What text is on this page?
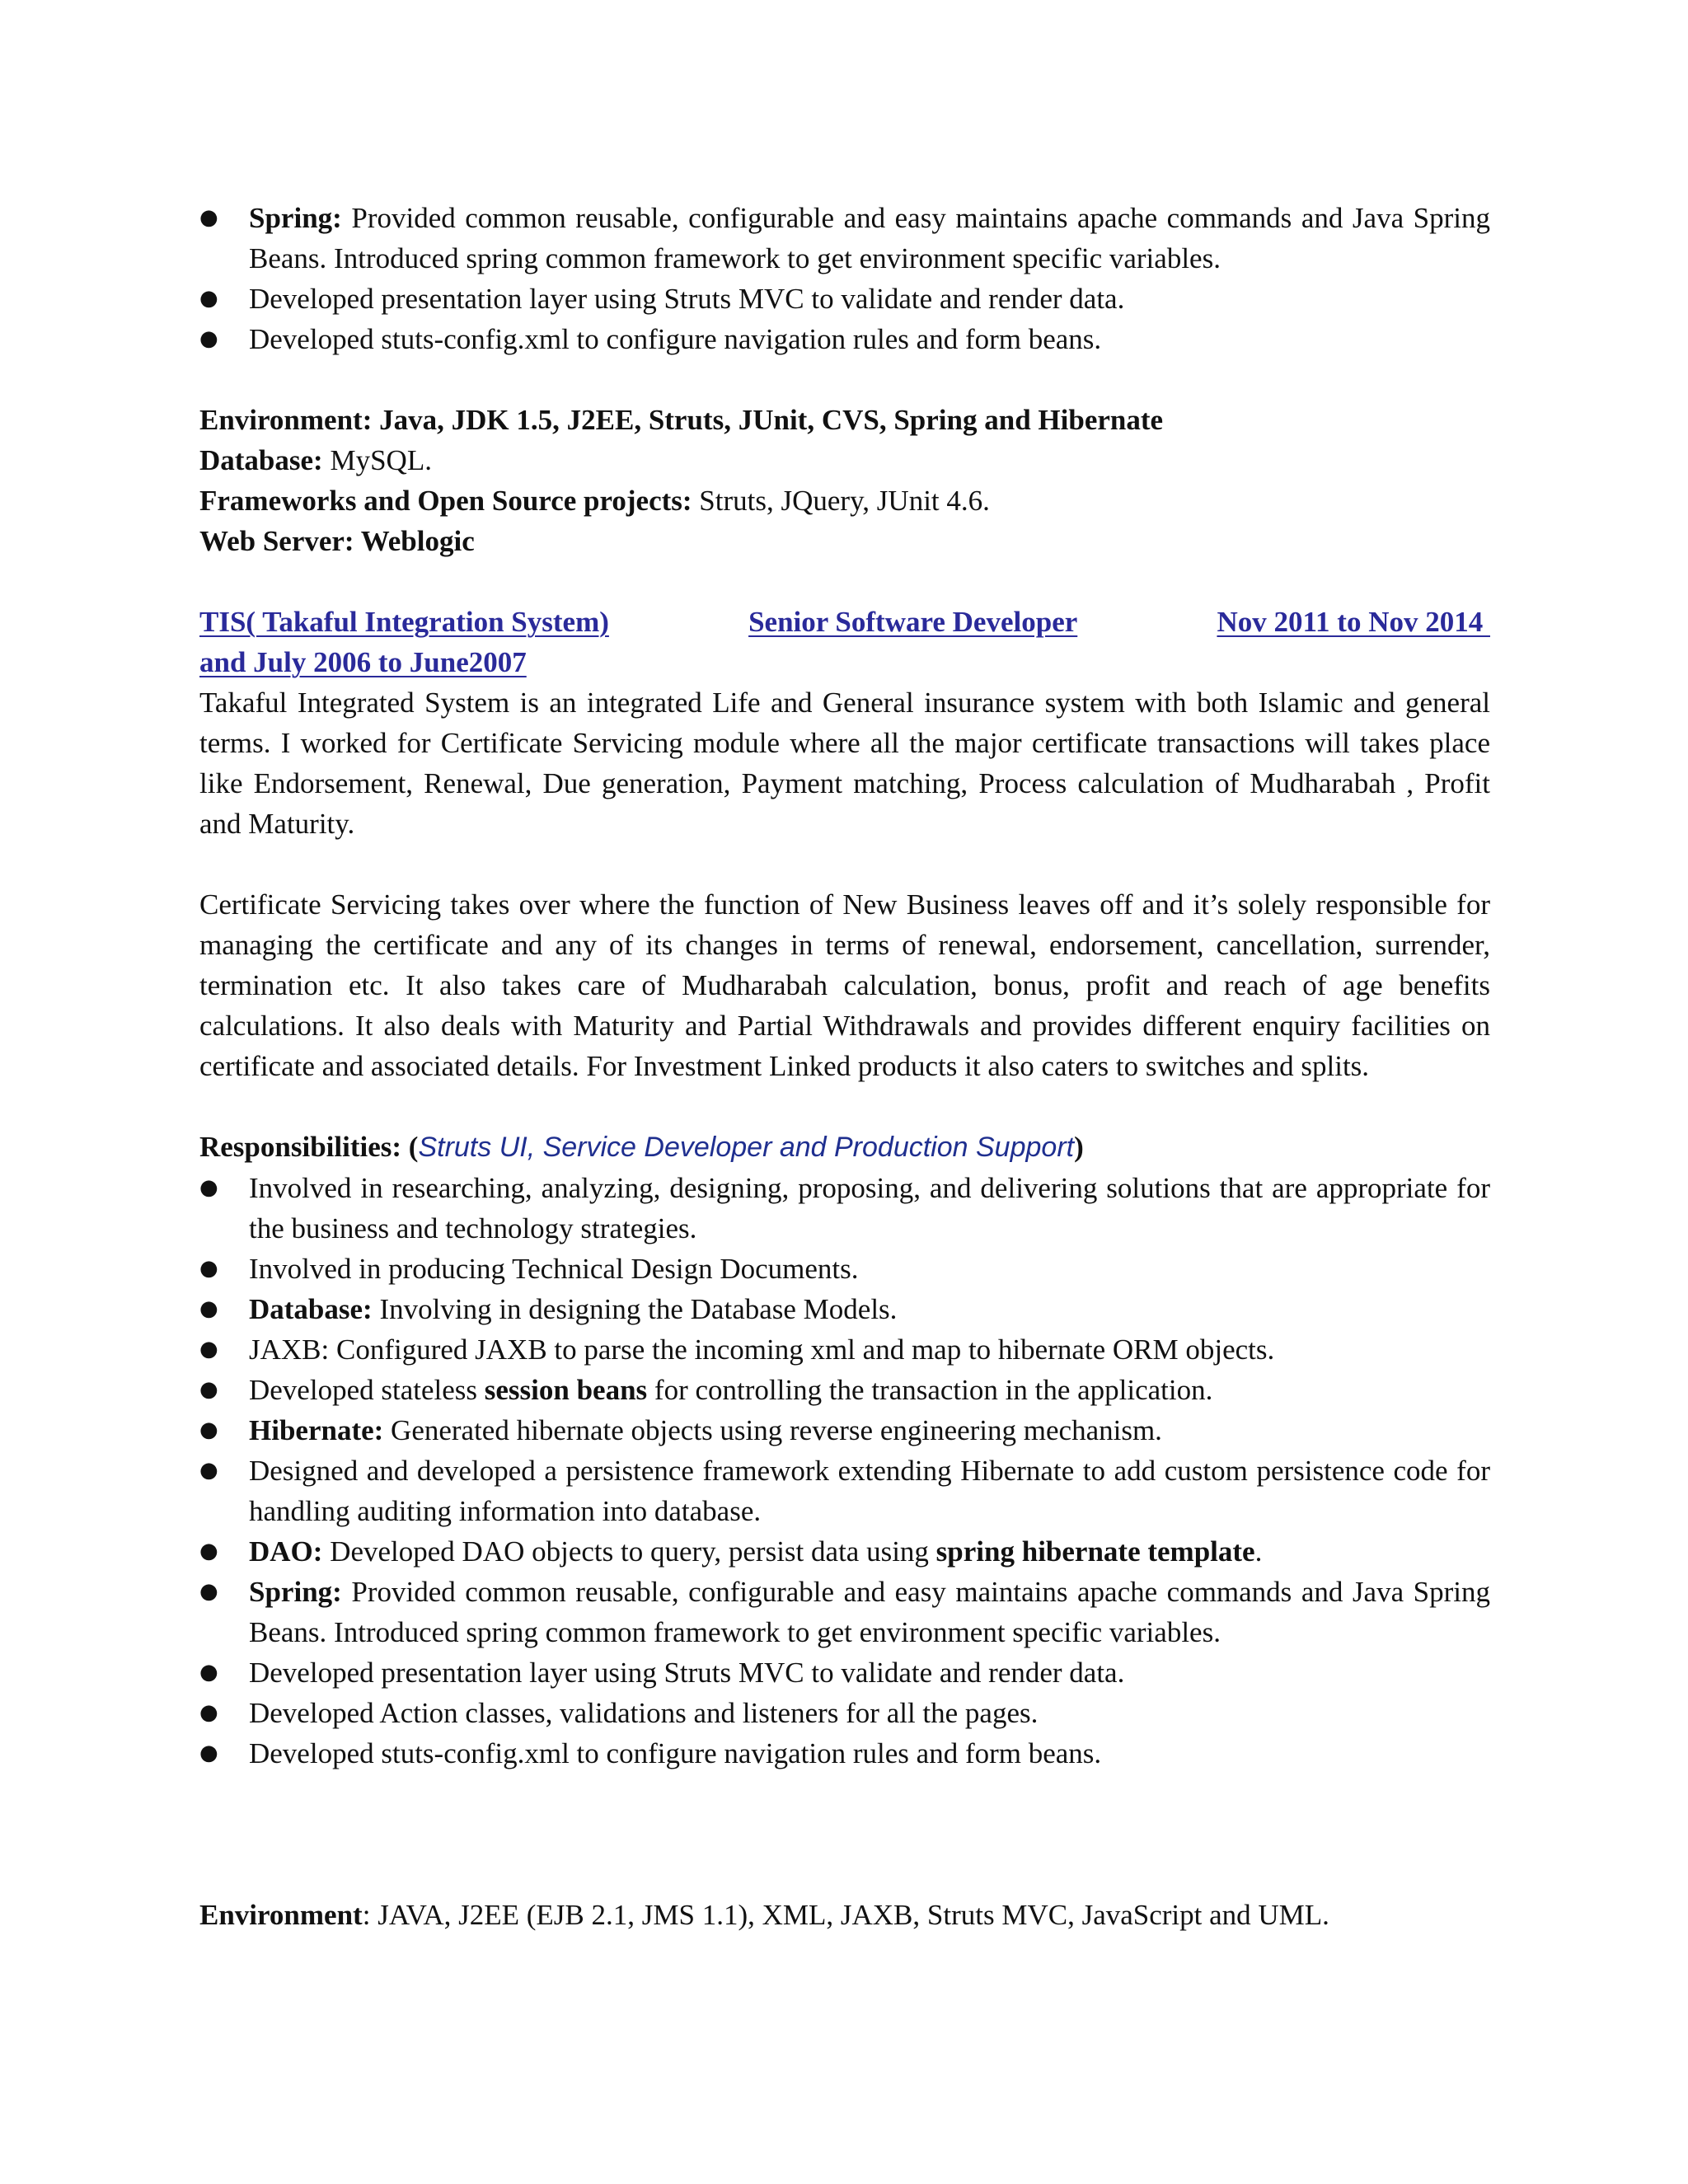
● Spring: Provided common reusable, configurable and easy maintains apache commands and Java Spring Beans. Introduced spring common framework to get environment specific variables.
● Developed presentation layer using Struts MVC to validate and render data.
● Developed stuts-config.xml to configure navigation rules and form beans.
Environment: Java, JDK 1.5, J2EE, Struts, JUnit, CVS, Spring and Hibernate
Database: MySQL.
Frameworks and Open Source projects: Struts, JQuery, JUnit 4.6.
Web Server: Weblogic
TIS( Takaful Integration System)	Senior Software Developer	Nov 2011 to Nov 2014
and July 2006 to June2007

Takaful Integrated System is an integrated Life and General insurance system with both Islamic and general terms. I worked for Certificate Servicing module where all the major certificate transactions will takes place like Endorsement, Renewal, Due generation, Payment matching, Process calculation of Mudharabah , Profit and Maturity.

Certificate Servicing takes over where the function of New Business leaves off and it’s solely responsible for managing the certificate and any of its changes in terms of renewal, endorsement, cancellation, surrender, termination etc. It also takes care of Mudharabah calculation, bonus, profit and reach of age benefits calculations. It also deals with Maturity and Partial Withdrawals and provides different enquiry facilities on certificate and associated details. For Investment Linked products it also caters to switches and splits.

Responsibilities: (Struts UI, Service Developer and Production Support)
● Involved in researching, analyzing, designing, proposing, and delivering solutions that are appropriate for the business and technology strategies.
● Involved in producing Technical Design Documents.
● Database: Involving in designing the Database Models.
● JAXB: Configured JAXB to parse the incoming xml and map to hibernate ORM objects.
● Developed stateless session beans for controlling the transaction in the application.
● Hibernate: Generated hibernate objects using reverse engineering mechanism.
● Designed and developed a persistence framework extending Hibernate to add custom persistence code for handling auditing information into database.
● DAO: Developed DAO objects to query, persist data using spring hibernate template.
● Spring: Provided common reusable, configurable and easy maintains apache commands and Java Spring Beans. Introduced spring common framework to get environment specific variables.
● Developed presentation layer using Struts MVC to validate and render data.
● Developed Action classes, validations and listeners for all the pages.
● Developed stuts-config.xml to configure navigation rules and form beans.
Environment: JAVA, J2EE (EJB 2.1, JMS 1.1), XML, JAXB, Struts MVC, JavaScript and UML.
